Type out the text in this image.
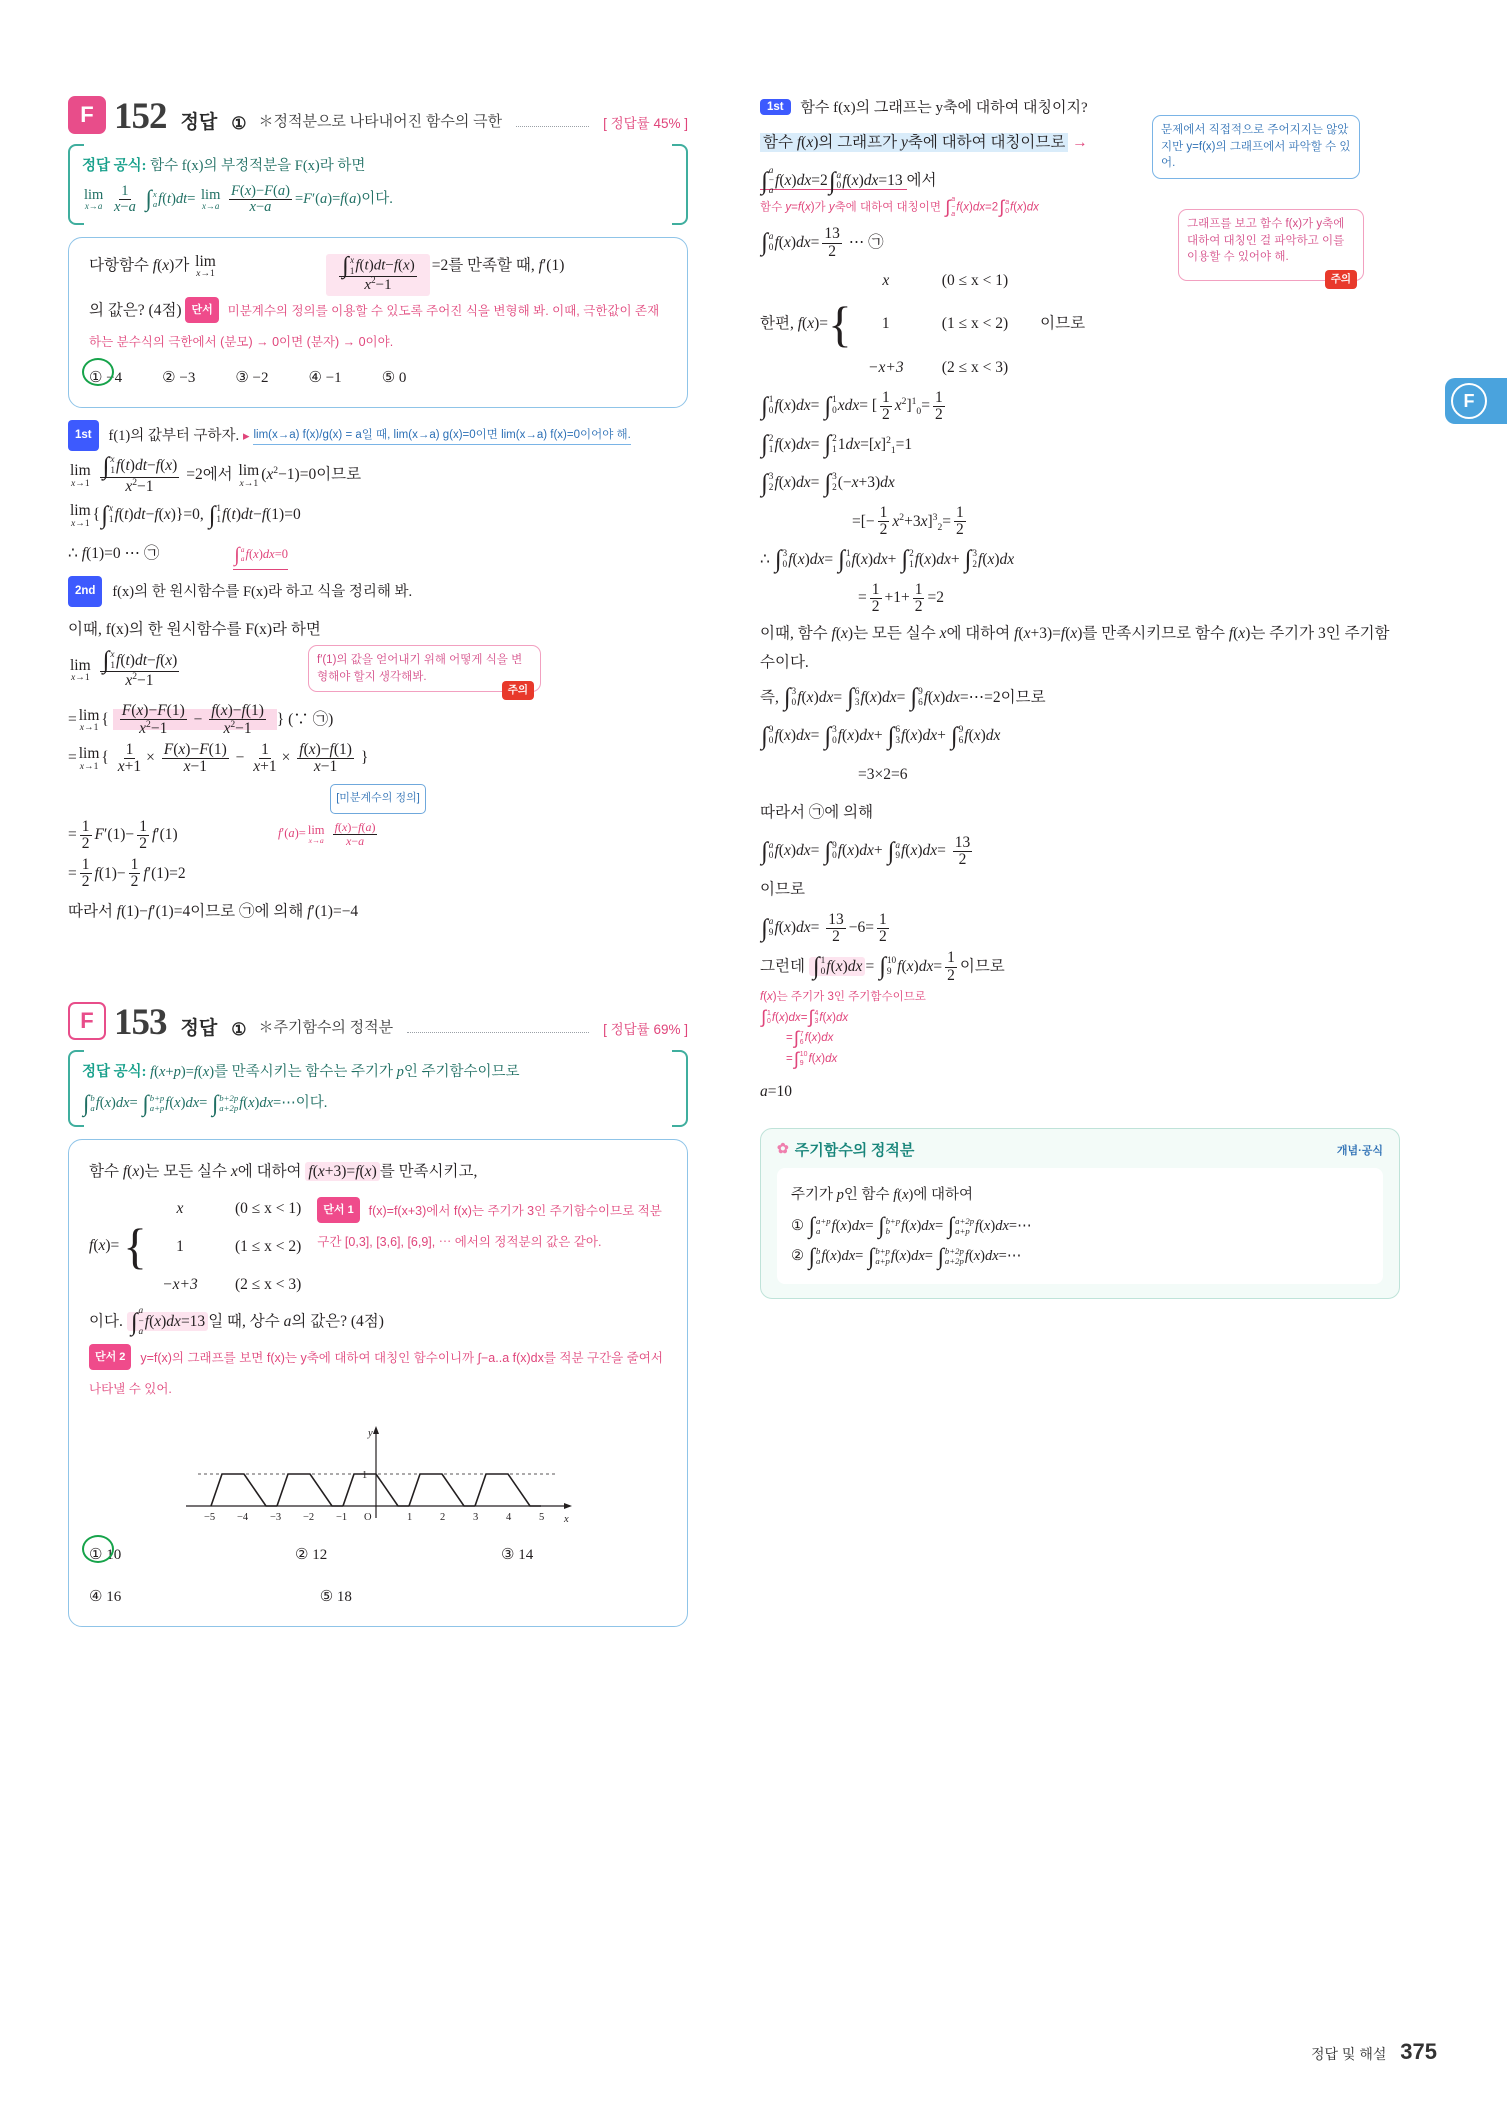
F
F 152 정답 ① ＊정적분으로 나타내어진 함수의 극한	[ 정답률 45% ]
정답 공식: 함수 f(x)의 부정적분을 F(x)라 하면
lim
x→a
$\frac{1}{x-a}$
∫ x
a f(t)dt= lim
x→a
$\frac{F(x)-F(a)}{x-a} =F'(a)=f(a)$이다.
∫ x
1 f(t)dt−f(x)
$x^2-1$
다항함수 f(x)가 lim
x→1	=2를 만족할 때, f′(1)
의 값은? (4점) 단서 미분계수의 정의를 이용할 수 있도록 주어진 식을 변형해 봐. 이때, 극한값이 존재하는 분수식의 극한에서 (분모) → 0이면 (분자) → 0이야.
① −4	② −3	③ −2	④ −1	⑤ 0
1st f(1)의 값부터 구하자. ▸ lim(x→a) f(x)/g(x) = a일 때, lim(x→a) g(x)=0이면 lim(x→a) f(x)=0이어야 해.
lim
x→1
∫ x
1 f(t)dt−f(x)
$x^2-1 =2$에서 lim
x→1 $(x^2-1)=0$이므로
lim
x→1 { ∫ x
1 f(t)dt−f(x)}=0, ∫ 1
1 f(t)dt−f(1)=0
∴ f(1)=0 ⋯ ㉠	∫ a
a f(x)dx=0
2nd f(x)의 한 원시함수를 F(x)라 하고 식을 정리해 봐.
이때, f(x)의 한 원시함수를 F(x)라 하면
lim
x→1
∫ x
1 f(t)dt−f(x)
$x^2-1$	f′(1)의 값을 얻어내기 위해 어떻게 식을 변형해야 할지 생각해봐.
주의
= lim
x→1 { $\frac{F(x)-F(1)}{x^2-1} - \frac{f(x)-f(1)}{x^2-1}$ } (∵ ㉠)
= lim
x→1 { $\frac{1}{x+1} \times \frac{F(x)-F(1)}{x-1} - \frac{1}{x+1} \times \frac{f(x)-f(1)}{x-1}$ }
[미분계수의 정의]
= $\frac{1}{2} F'(1)- \frac{1}{2} f'(1)$	f′(a)= lim
x→a
$\frac{f(x)-f(a)}{x-a}$
= $\frac{1}{2} f(1)- \frac{1}{2} f'(1)=2$
따라서 f(1)−f′(1)=4이므로 ㉠에 의해 f′(1)=−4
F 153 정답 ① ＊주기함수의 정적분	[ 정답률 69% ]
정답 공식: f(x+p)=f(x)를 만족시키는 함수는 주기가 p인 주기함수이므로
∫ b
a f(x)dx= ∫ b+p
a+p f(x)dx= ∫ b+2p
a+2p f(x)dx=⋯이다.
함수 f(x)는 모든 실수 x에 대하여 f(x+3)=f(x) 를 만족시키고,
f(x)= {
x	(0 ≤ x < 1)
1	(1 ≤ x < 2)
−x+3	(2 ≤ x < 3)
단서 1 f(x)=f(x+3)에서 f(x)는 주기가 3인 주기함수이므로 적분 구간 [0,3], [3,6], [6,9], ⋯ 에서의 정적분의 값은 같아.
이다. ∫ a
−
a
f(x)dx=13 일 때, 상수 a의 값은? (4점)
단서 2 y=f(x)의 그래프를 보면 f(x)는 y축에 대하여 대칭인 함수이니까 ∫−a..a f(x)dx를 적분 구간을 줄여서 나타낼 수 있어.
−5 −4 −3 −2 −1 O	1	2	3	4	5
1
y
x
① 10	② 12	③ 14
④ 16	⑤ 18
1st 함수 f(x)의 그래프는 y축에 대하여 대칭이지?
함수 f(x)의 그래프가 y축에 대하여 대칭이므로 →
문제에서 직접적으로 주어지지는 않았지만 y=f(x)의 그래프에서 파악할 수 있어.
그래프를 보고 함수 f(x)가 y축에 대하여 대칭인 걸 파악하고 이를 이용할 수 있어야 해.
주의
∫ a
−
a
f(x)dx=2 ∫ a
0 f(x)dx=13 에서
함수 y=f(x)가 y축에 대하여 대칭이면 ∫ a
−
a
f(x)dx=2 ∫ a
0 f(x)dx
∫ a
0 $f(x)dx= \frac{13}{2}$ ⋯ ㉠
한편, f(x)= {
x	(0 ≤ x < 1)
1	(1 ≤ x < 2) 이므로
−x+3	(2 ≤ x < 3)
∫ 1
0 f(x)dx= ∫ 1
0 xdx= [ $\frac{1}{2} x^2]^1_0= \frac{1}{2}$
∫ 2
1 f(x)dx= ∫ 2
1 $1dx=[x]^2_1=1$
∫ 3
2 f(x)dx= ∫ 3
2 (−x+3)dx
=[− $\frac{1}{2} x^2+3x]^3_2= \frac{1}{2}$
∴ ∫ 3
0 f(x)dx= ∫ 1
0 f(x)dx+ ∫ 2
1 f(x)dx+ ∫ 3
2 f(x)dx
= $\frac{1}{2} +1+ \frac{1}{2} =2$
이때, 함수 f(x)는 모든 실수 x에 대하여 f(x+3)=f(x)를 만족시키므로 함수 f(x)는 주기가 3인 주기함수이다.
즉, ∫ 3
0 f(x)dx= ∫ 6
3 f(x)dx= ∫ 9
6 f(x)dx=⋯=2이므로
∫ 9
0 f(x)dx= ∫ 3
0 f(x)dx+ ∫ 6
3 f(x)dx+ ∫ 9
6 f(x)dx
=3×2=6
따라서 ㉠에 의해
∫ a
0 f(x)dx= ∫ 9
0 f(x)dx+ ∫ a
9 $f(x)dx= \frac{13}{2}$
이므로
∫ a
9 $f(x)dx= \frac{13}{2} -6= \frac{1}{2}$
그런데 ∫ 1
0 f(x)dx = ∫ 10
9 $f(x)dx= \frac{1}{2}$ 이므로
f(x)는 주기가 3인 주기함수이므로
∫ 1
0 f(x)dx= ∫ 4
3 f(x)dx
= ∫ 7
6 f(x)dx
= ∫ 10
9 f(x)dx
a=10
✿ 주기함수의 정적분	개념·공식
주기가 p인 함수 f(x)에 대하여
① ∫ a+p
a f(x)dx= ∫ b+p
b f(x)dx= ∫ a+2p
a+p f(x)dx=⋯
② ∫ b
a f(x)dx= ∫ b+p
a+p f(x)dx= ∫ b+2p
a+2p f(x)dx=⋯
정답 및 해설 375
